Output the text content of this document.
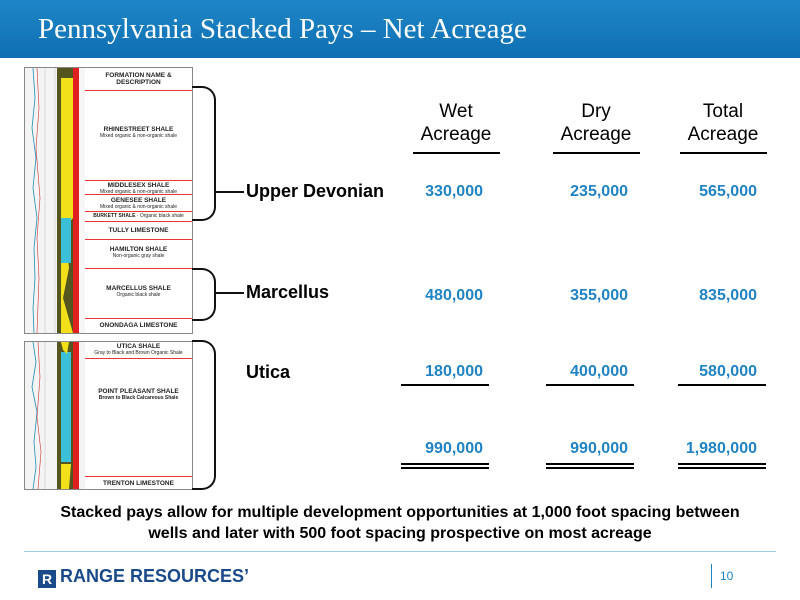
Pennsylvania Stacked Pays – Net Acreage
FORMATION NAME & DESCRIPTION
RHINESTREET SHALE
Mixed organic & non-organic shale
MIDDLESEX SHALE
Mixed organic & non-organic shale
GENESEE SHALE
Mixed organic & non-organic shale
BURKETT SHALE · Organic black shale
TULLY LIMESTONE
HAMILTON SHALE
Non-organic gray shale
MARCELLUS SHALE
Organic black shale
ONONDAGA LIMESTONE
UTICA SHALE
Gray to Black and Brown Organic Shale
POINT PLEASANT SHALE
Brown to Black Calcareous Shale
TRENTON LIMESTONE
Upper Devonian
Marcellus
Utica
Wet
Acreage
Dry
Acreage
Total
Acreage
330,000	235,000	565,000
480,000	355,000	835,000
180,000	400,000	580,000
990,000	990,000	1,980,000
Stacked pays allow for multiple development opportunities at 1,000 foot spacing between wells and later with 500 foot spacing prospective on most acreage
R RANGE RESOURCES’	10
